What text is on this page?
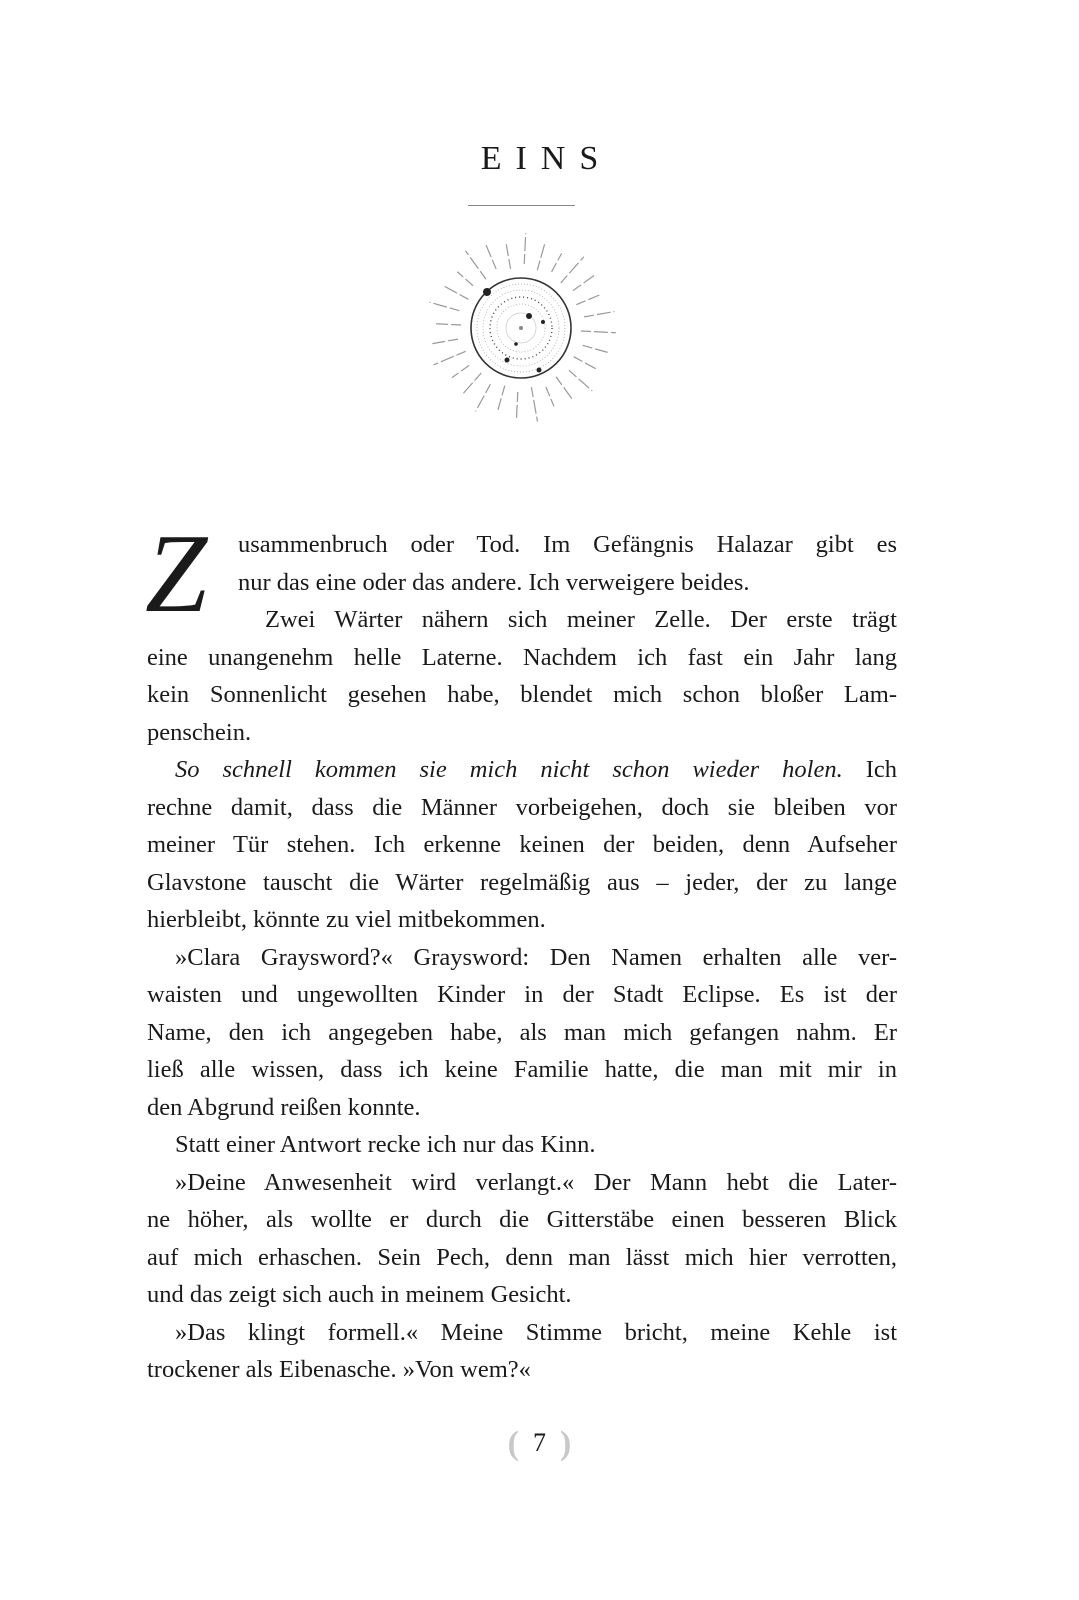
EINS
Z	usammenbruch oder Tod. Im Gefängnis Halazar gibt es
nur das eine oder das andere. Ich verweigere beides.
Zwei Wärter nähern sich meiner Zelle. Der erste trägt
eine unangenehm helle Laterne. Nachdem ich fast ein Jahr lang
kein Sonnenlicht gesehen habe, blendet mich schon bloßer Lam-
penschein.
So schnell kommen sie mich nicht schon wieder holen. Ich
rechne damit, dass die Männer vorbeigehen, doch sie bleiben vor
meiner Tür stehen. Ich erkenne keinen der beiden, denn Aufseher
Glavstone tauscht die Wärter regelmäßig aus – jeder, der zu lange
hierbleibt, könnte zu viel mitbekommen.
»Clara Graysword?« Graysword: Den Namen erhalten alle ver-
waisten und ungewollten Kinder in der Stadt Eclipse. Es ist der
Name, den ich angegeben habe, als man mich gefangen nahm. Er
ließ alle wissen, dass ich keine Familie hatte, die man mit mir in
den Abgrund reißen konnte.
Statt einer Antwort recke ich nur das Kinn.
»Deine Anwesenheit wird verlangt.« Der Mann hebt die Later-
ne höher, als wollte er durch die Gitterstäbe einen besseren Blick
auf mich erhaschen. Sein Pech, denn man lässt mich hier verrotten,
und das zeigt sich auch in meinem Gesicht.
»Das klingt formell.« Meine Stimme bricht, meine Kehle ist
trockener als Eibenasche. »Von wem?«
( 7 )
